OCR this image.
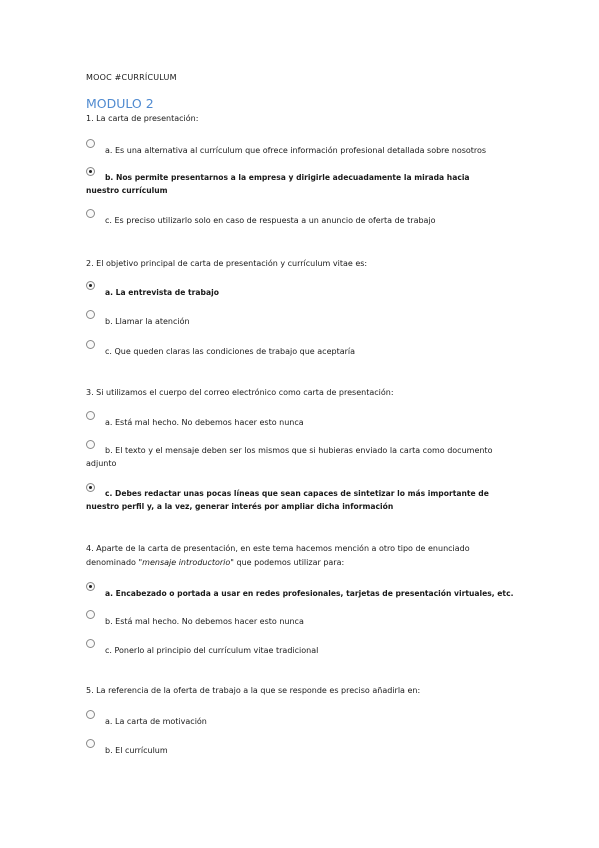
MOOC #CURRÍCULUM
MODULO 2
1. La carta de presentación:
a. Es una alternativa al currículum que ofrece información profesional detallada sobre nosotros
b. Nos permite presentarnos a la empresa y dirigirle adecuadamente la mirada hacia nuestro currículum
c. Es preciso utilizarlo solo en caso de respuesta a un anuncio de oferta de trabajo
2. El objetivo principal de carta de presentación y currículum vitae es:
a. La entrevista de trabajo
b. Llamar la atención
c. Que queden claras las condiciones de trabajo que aceptaría
3. Si utilizamos el cuerpo del correo electrónico como carta de presentación:
a. Está mal hecho. No debemos hacer esto nunca
b. El texto y el mensaje deben ser los mismos que si hubieras enviado la carta como documento adjunto
c. Debes redactar unas pocas líneas que sean capaces de sintetizar lo más importante de nuestro perfil y, a la vez, generar interés por ampliar dicha información
4. Aparte de la carta de presentación, en este tema hacemos mención a otro tipo de enunciado denominado "mensaje introductorio" que podemos utilizar para:
a. Encabezado o portada a usar en redes profesionales, tarjetas de presentación virtuales, etc.
b. Está mal hecho. No debemos hacer esto nunca
c. Ponerlo al principio del currículum vitae tradicional
5. La referencia de la oferta de trabajo a la que se responde es preciso añadirla en:
a. La carta de motivación
b. El currículum
